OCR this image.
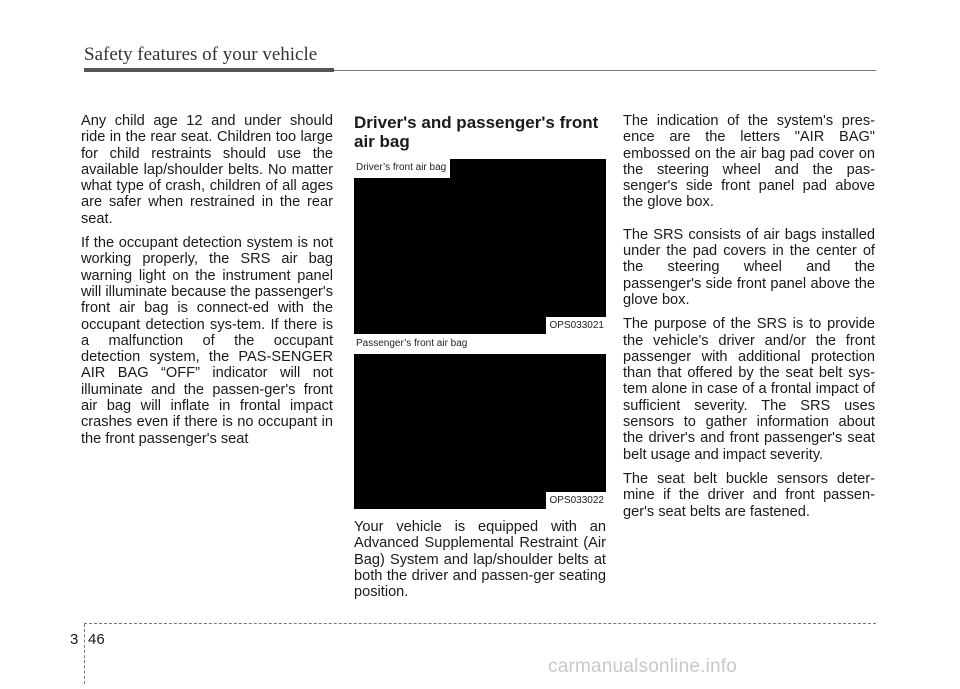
Safety features of your vehicle

Any child age 12 and under should ride in the rear seat. Children too large for child restraints should use the available lap/shoulder belts. No matter what type of crash, children of all ages are safer when restrained in the rear seat.

If the occupant detection system is not working properly, the SRS air bag warning light on the instrument panel will illuminate because the passenger's front air bag is connect-ed with the occupant detection sys-tem. If there is a malfunction of the occupant detection system, the PAS-SENGER AIR BAG “OFF” indicator will not illuminate and the passen-ger's front air bag will inflate in frontal impact crashes even if there is no occupant in the front passenger's seat

Driver's and passenger's front air bag
Driver’s front air bag
OPS033021
Passenger’s front air bag
OPS033022

Your vehicle is equipped with an Advanced Supplemental Restraint (Air Bag) System and lap/shoulder belts at both the driver and passen-ger seating position.

The indication of the system's pres-ence are the letters "AIR BAG" embossed on the air bag pad cover on the steering wheel and the pas-senger's side front panel pad above the glove box.

The SRS consists of air bags installed under the pad covers in the center of the steering wheel and the passenger's side front panel above the glove box.

The purpose of the SRS is to provide the vehicle's driver and/or the front passenger with additional protection than that offered by the seat belt sys-tem alone in case of a frontal impact of sufficient severity. The SRS uses sensors to gather information about the driver's and front passenger's seat belt usage and impact severity.

The seat belt buckle sensors deter-mine if the driver and front passen-ger's seat belts are fastened.

3 46
carmanualsonline.info
